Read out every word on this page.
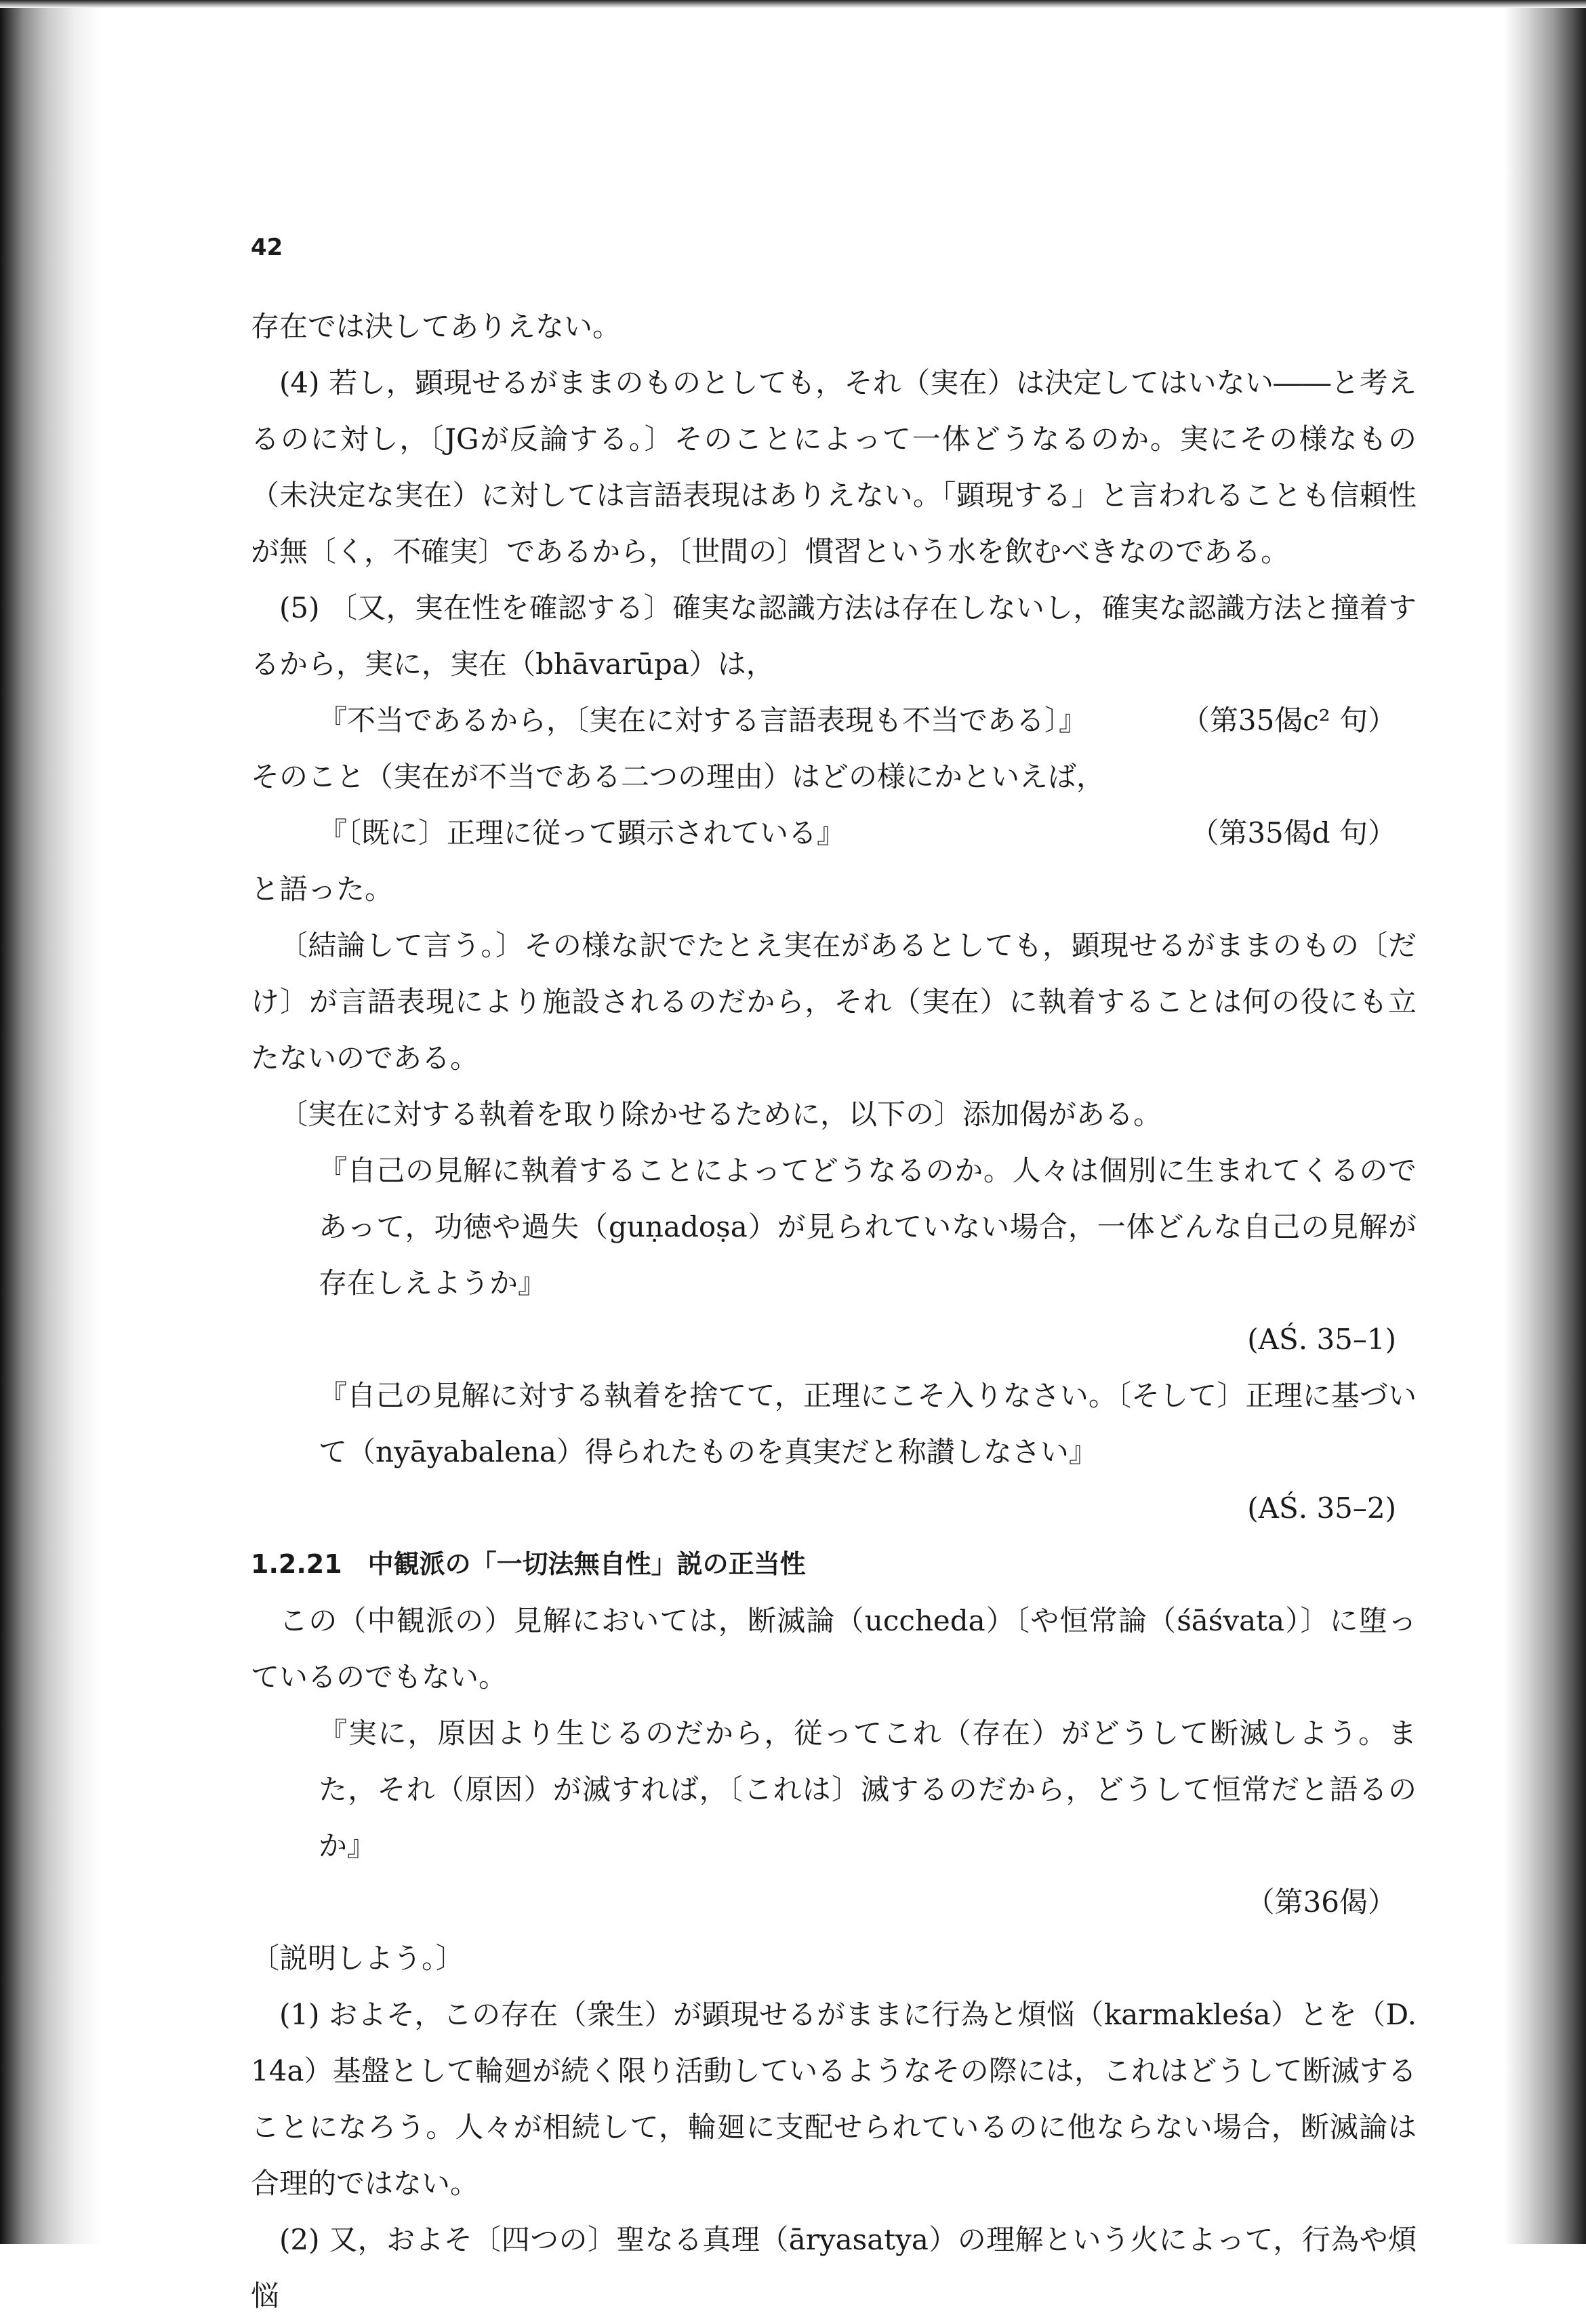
42

存在では決してありえない。

(4) 若し，顕現せるがままのものとしても，それ（実在）は決定してはいない――と考えるのに対し，〔JGが反論する。〕そのことによって一体どうなるのか。実にその様なもの（未決定な実在）に対しては言語表現はありえない。「顕現する」と言われることも信頼性が無〔く，不確実〕であるから，〔世間の〕慣習という水を飲むべきなのである。

(5) 〔又，実在性を確認する〕確実な認識方法は存在しないし，確実な認識方法と撞着するから，実に，実在（bhāvarūpa）は，

『不当であるから，〔実在に対する言語表現も不当である〕』	（第35偈c² 句）

そのこと（実在が不当である二つの理由）はどの様にかといえば，

『〔既に〕正理に従って顕示されている』	（第35偈d 句）

と語った。

〔結論して言う。〕その様な訳でたとえ実在があるとしても，顕現せるがままのもの〔だけ〕が言語表現により施設されるのだから，それ（実在）に執着することは何の役にも立たないのである。

〔実在に対する執着を取り除かせるために，以下の〕添加偈がある。

『自己の見解に執着することによってどうなるのか。人々は個別に生まれてくるのであって，功徳や過失（guṇadoṣa）が見られていない場合，一体どんな自己の見解が存在しえようか』

(AŚ. 35–1)

『自己の見解に対する執着を捨てて，正理にこそ入りなさい。〔そして〕正理に基づいて（nyāyabalena）得られたものを真実だと称讃しなさい』

(AŚ. 35–2)

1.2.21　中観派の「一切法無自性」説の正当性

この（中観派の）見解においては，断滅論（uccheda）〔や恒常論（śāśvata）〕に堕っているのでもない。

『実に，原因より生じるのだから，従ってこれ（存在）がどうして断滅しよう。また，それ（原因）が滅すれば，〔これは〕滅するのだから，どうして恒常だと語るのか』

（第36偈）

〔説明しよう。〕

(1) およそ，この存在（衆生）が顕現せるがままに行為と煩悩（karmakleśa）とを（D. 14a）基盤として輪廻が続く限り活動しているようなその際には，これはどうして断滅することになろう。人々が相続して，輪廻に支配せられているのに他ならない場合，断滅論は合理的ではない。

(2) 又，およそ〔四つの〕聖なる真理（āryasatya）の理解という火によって，行為や煩悩
